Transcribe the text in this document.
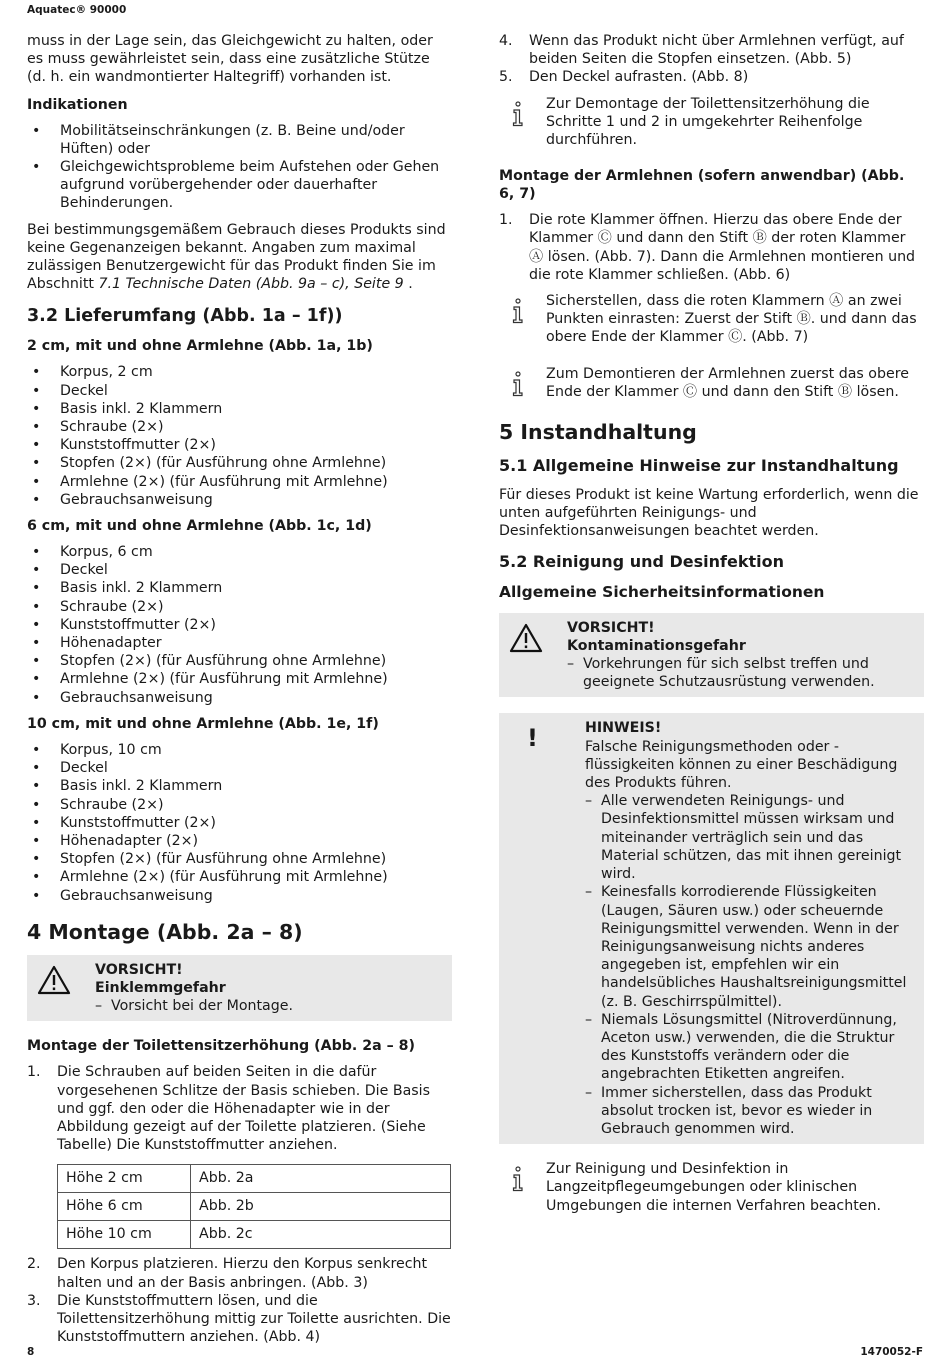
Aquatec® 90000

muss in der Lage sein, das Gleichgewicht zu halten, oder es muss gewährleistet sein, dass eine zusätzliche Stütze (d. h. ein wandmontierter Haltegriff) vorhanden ist.

Indikationen
• Mobilitätseinschränkungen (z. B. Beine und/oder Hüften) oder
• Gleichgewichtsprobleme beim Aufstehen oder Gehen aufgrund vorübergehender oder dauerhafter Behinderungen.

Bei bestimmungsgemäßem Gebrauch dieses Produkts sind keine Gegenanzeigen bekannt. Angaben zum maximal zulässigen Benutzergewicht für das Produkt finden Sie im Abschnitt 7.1 Technische Daten (Abb. 9a – c), Seite 9 .

3.2 Lieferumfang (Abb. 1a – 1f))
2 cm, mit und ohne Armlehne (Abb. 1a, 1b)
• Korpus, 2 cm
• Deckel
• Basis inkl. 2 Klammern
• Schraube (2×)
• Kunststoffmutter (2×)
• Stopfen (2×) (für Ausführung ohne Armlehne)
• Armlehne (2×) (für Ausführung mit Armlehne)
• Gebrauchsanweisung
6 cm, mit und ohne Armlehne (Abb. 1c, 1d)
• Korpus, 6 cm
• Deckel
• Basis inkl. 2 Klammern
• Schraube (2×)
• Kunststoffmutter (2×)
• Höhenadapter
• Stopfen (2×) (für Ausführung ohne Armlehne)
• Armlehne (2×) (für Ausführung mit Armlehne)
• Gebrauchsanweisung
10 cm, mit und ohne Armlehne (Abb. 1e, 1f)
• Korpus, 10 cm
• Deckel
• Basis inkl. 2 Klammern
• Schraube (2×)
• Kunststoffmutter (2×)
• Höhenadapter (2×)
• Stopfen (2×) (für Ausführung ohne Armlehne)
• Armlehne (2×) (für Ausführung mit Armlehne)
• Gebrauchsanweisung
4 Montage (Abb. 2a – 8)
VORSICHT!
Einklemmgefahr
– Vorsicht bei der Montage.
Montage der Toilettensitzerhöhung (Abb. 2a – 8)
1. Die Schrauben auf beiden Seiten in die dafür vorgesehenen Schlitze der Basis schieben. Die Basis und ggf. den oder die Höhenadapter wie in der Abbildung gezeigt auf der Toilette platzieren. (Siehe Tabelle) Die Kunststoffmutter anziehen.
Höhe 2 cm	Abb. 2a
Höhe 6 cm	Abb. 2b
Höhe 10 cm	Abb. 2c
2. Den Korpus platzieren. Hierzu den Korpus senkrecht halten und an der Basis anbringen. (Abb. 3)
3. Die Kunststoffmuttern lösen, und die Toilettensitzerhöhung mittig zur Toilette ausrichten. Die Kunststoffmuttern anziehen. (Abb. 4)
4. Wenn das Produkt nicht über Armlehnen verfügt, auf beiden Seiten die Stopfen einsetzen. (Abb. 5)
5. Den Deckel aufrasten. (Abb. 8)
Zur Demontage der Toilettensitzerhöhung die Schritte 1 und 2 in umgekehrter Reihenfolge durchführen.
Montage der Armlehnen (sofern anwendbar) (Abb. 6, 7)
1. Die rote Klammer öffnen. Hierzu das obere Ende der Klammer Ⓒ und dann den Stift Ⓑ der roten Klammer Ⓐ lösen. (Abb. 7). Dann die Armlehnen montieren und die rote Klammer schließen. (Abb. 6)
Sicherstellen, dass die roten Klammern Ⓐ an zwei Punkten einrasten: Zuerst der Stift Ⓑ. und dann das obere Ende der Klammer Ⓒ. (Abb. 7)
Zum Demontieren der Armlehnen zuerst das obere Ende der Klammer Ⓒ und dann den Stift Ⓑ lösen.
5 Instandhaltung
5.1 Allgemeine Hinweise zur Instandhaltung

Für dieses Produkt ist keine Wartung erforderlich, wenn die unten aufgeführten Reinigungs- und Desinfektionsanweisungen beachtet werden.

5.2 Reinigung und Desinfektion
Allgemeine Sicherheitsinformationen
VORSICHT!
Kontaminationsgefahr
– Vorkehrungen für sich selbst treffen und geeignete Schutzausrüstung verwenden.
!	HINWEIS!
Falsche Reinigungsmethoden oder -flüssigkeiten können zu einer Beschädigung des Produkts führen.
– Alle verwendeten Reinigungs- und Desinfektionsmittel müssen wirksam und miteinander verträglich sein und das Material schützen, das mit ihnen gereinigt wird.
– Keinesfalls korrodierende Flüssigkeiten (Laugen, Säuren usw.) oder scheuernde Reinigungsmittel verwenden. Wenn in der Reinigungsanweisung nichts anderes angegeben ist, empfehlen wir ein handelsübliches Haushaltsreinigungsmittel (z. B. Geschirrspülmittel).
– Niemals Lösungsmittel (Nitroverdünnung, Aceton usw.) verwenden, die die Struktur des Kunststoffs verändern oder die angebrachten Etiketten angreifen.
– Immer sicherstellen, dass das Produkt absolut trocken ist, bevor es wieder in Gebrauch genommen wird.
Zur Reinigung und Desinfektion in Langzeitpflegeumgebungen oder klinischen Umgebungen die internen Verfahren beachten.
8	1470052-F
